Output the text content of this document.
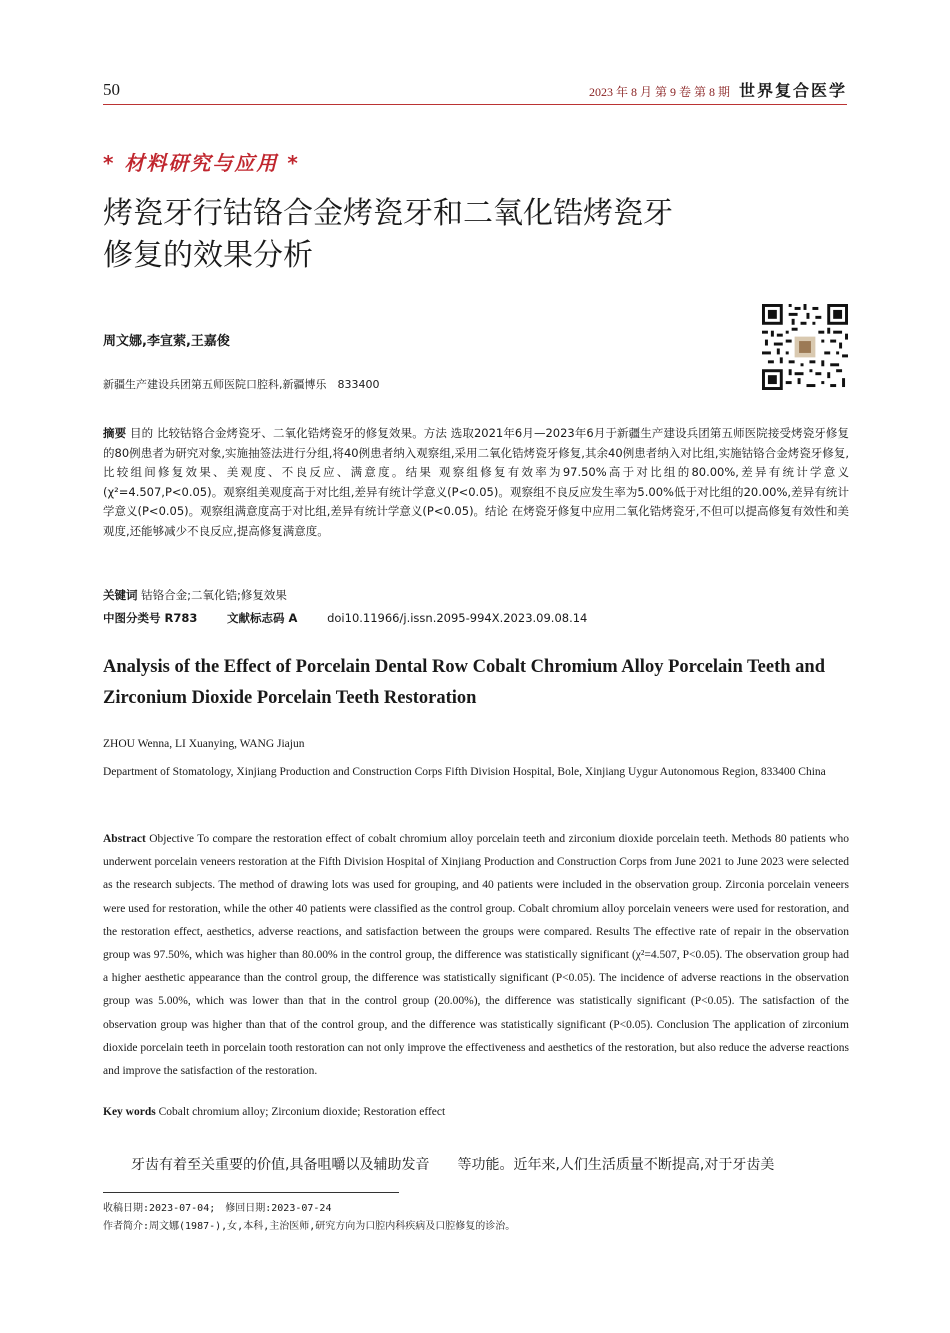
50	2023 年 8 月 第 9 卷 第 8 期 世界复合医学
* 材料研究与应用 *
烤瓷牙行钴铬合金烤瓷牙和二氧化锆烤瓷牙
修复的效果分析
周文娜,李宣萦,王嘉俊
新疆生产建设兵团第五师医院口腔科,新疆博乐　833400
摘要 目的 比较钴铬合金烤瓷牙、二氧化锆烤瓷牙的修复效果。方法 选取2021年6月—2023年6月于新疆生产建设兵团第五师医院接受烤瓷牙修复的80例患者为研究对象,实施抽签法进行分组,将40例患者纳入观察组,采用二氧化锆烤瓷牙修复,其余40例患者纳入对比组,实施钴铬合金烤瓷牙修复,比较组间修复效果、美观度、不良反应、满意度。结果 观察组修复有效率为97.50%高于对比组的80.00%,差异有统计学意义(χ²=4.507,P<0.05)。观察组美观度高于对比组,差异有统计学意义(P<0.05)。观察组不良反应发生率为5.00%低于对比组的20.00%,差异有统计学意义(P<0.05)。观察组满意度高于对比组,差异有统计学意义(P<0.05)。结论 在烤瓷牙修复中应用二氧化锆烤瓷牙,不但可以提高修复有效性和美观度,还能够减少不良反应,提高修复满意度。
关键词 钴铬合金;二氧化锆;修复效果
中图分类号 R783	文献标志码 A	doi10.11966/j.issn.2095-994X.2023.09.08.14
Analysis of the Effect of Porcelain Dental Row Cobalt Chromium Alloy Porcelain Teeth and Zirconium Dioxide Porcelain Teeth Restoration
ZHOU Wenna, LI Xuanying, WANG Jiajun
Department of Stomatology, Xinjiang Production and Construction Corps Fifth Division Hospital, Bole, Xinjiang Uygur Autonomous Region, 833400 China
Abstract Objective To compare the restoration effect of cobalt chromium alloy porcelain teeth and zirconium dioxide porcelain teeth. Methods 80 patients who underwent porcelain veneers restoration at the Fifth Division Hospital of Xinjiang Production and Construction Corps from June 2021 to June 2023 were selected as the research subjects. The method of drawing lots was used for grouping, and 40 patients were included in the observation group. Zirconia porcelain veneers were used for restoration, while the other 40 patients were classified as the control group. Cobalt chromium alloy porcelain veneers were used for restoration, and the restoration effect, aesthetics, adverse reactions, and satisfaction between the groups were compared. Results The effective rate of repair in the observation group was 97.50%, which was higher than 80.00% in the control group, the difference was statistically significant (χ²=4.507, P<0.05). The observation group had a higher aesthetic appearance than the control group, the difference was statistically significant (P<0.05). The incidence of adverse reactions in the observation group was 5.00%, which was lower than that in the control group (20.00%), the difference was statistically significant (P<0.05). The satisfaction of the observation group was higher than that of the control group, and the difference was statistically significant (P<0.05). Conclusion The application of zirconium dioxide porcelain teeth in porcelain tooth restoration can not only improve the effectiveness and aesthetics of the restoration, but also reduce the adverse reactions and improve the satisfaction of the restoration.
Key words Cobalt chromium alloy; Zirconium dioxide; Restoration effect
牙齿有着至关重要的价值,具备咀嚼以及辅助发音　　等功能。近年来,人们生活质量不断提高,对于牙齿美
收稿日期:2023-07-04;　修回日期:2023-07-24
作者简介:周文娜(1987-),女,本科,主治医师,研究方向为口腔内科疾病及口腔修复的诊治。
